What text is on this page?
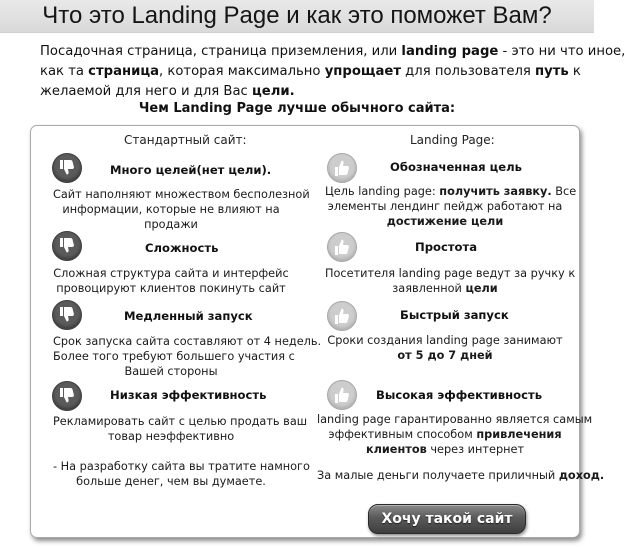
Что это Landing Page и как это поможет Вам?
Посадочная страница, страница приземления, или landing page - это ни что иное,
как та страница, которая максимально упрощает для пользователя путь к
желаемой для него и для Вас цели.
Чем Landing Page лучше обычного сайта:
Стандартный сайт:	Landing Page:
Много целей(нет цели).
Сайт наполняют множеством бесполезной
информации, которые не влияют на
продажи
Сложность
Сложная структура сайта и интерфейс
провоцируют клиентов покинуть сайт
Медленный запуск
Срок запуска сайта составляют от 4 недель.
Более того требуют большего участия с
Вашей стороны
Низкая эффективность
Рекламировать сайт с целью продать ваш
товар неэффективно
- На разработку сайта вы тратите намного
больше денег, чем вы думаете.
Обозначенная цель
Цель landing page: получить заявку. Все
элементы лендинг пейдж работают на
достижение цели
Простота
Посетителя landing page ведут за ручку к
заявленной цели
Быстрый запуск
Сроки создания landing page занимают
от 5 до 7 дней
Высокая эффективность
landing page гарантированно является самым
эффективным способом привлечения
клиентов через интернет
За малые деньги получаете приличный доход.
Хочу такой сайт
